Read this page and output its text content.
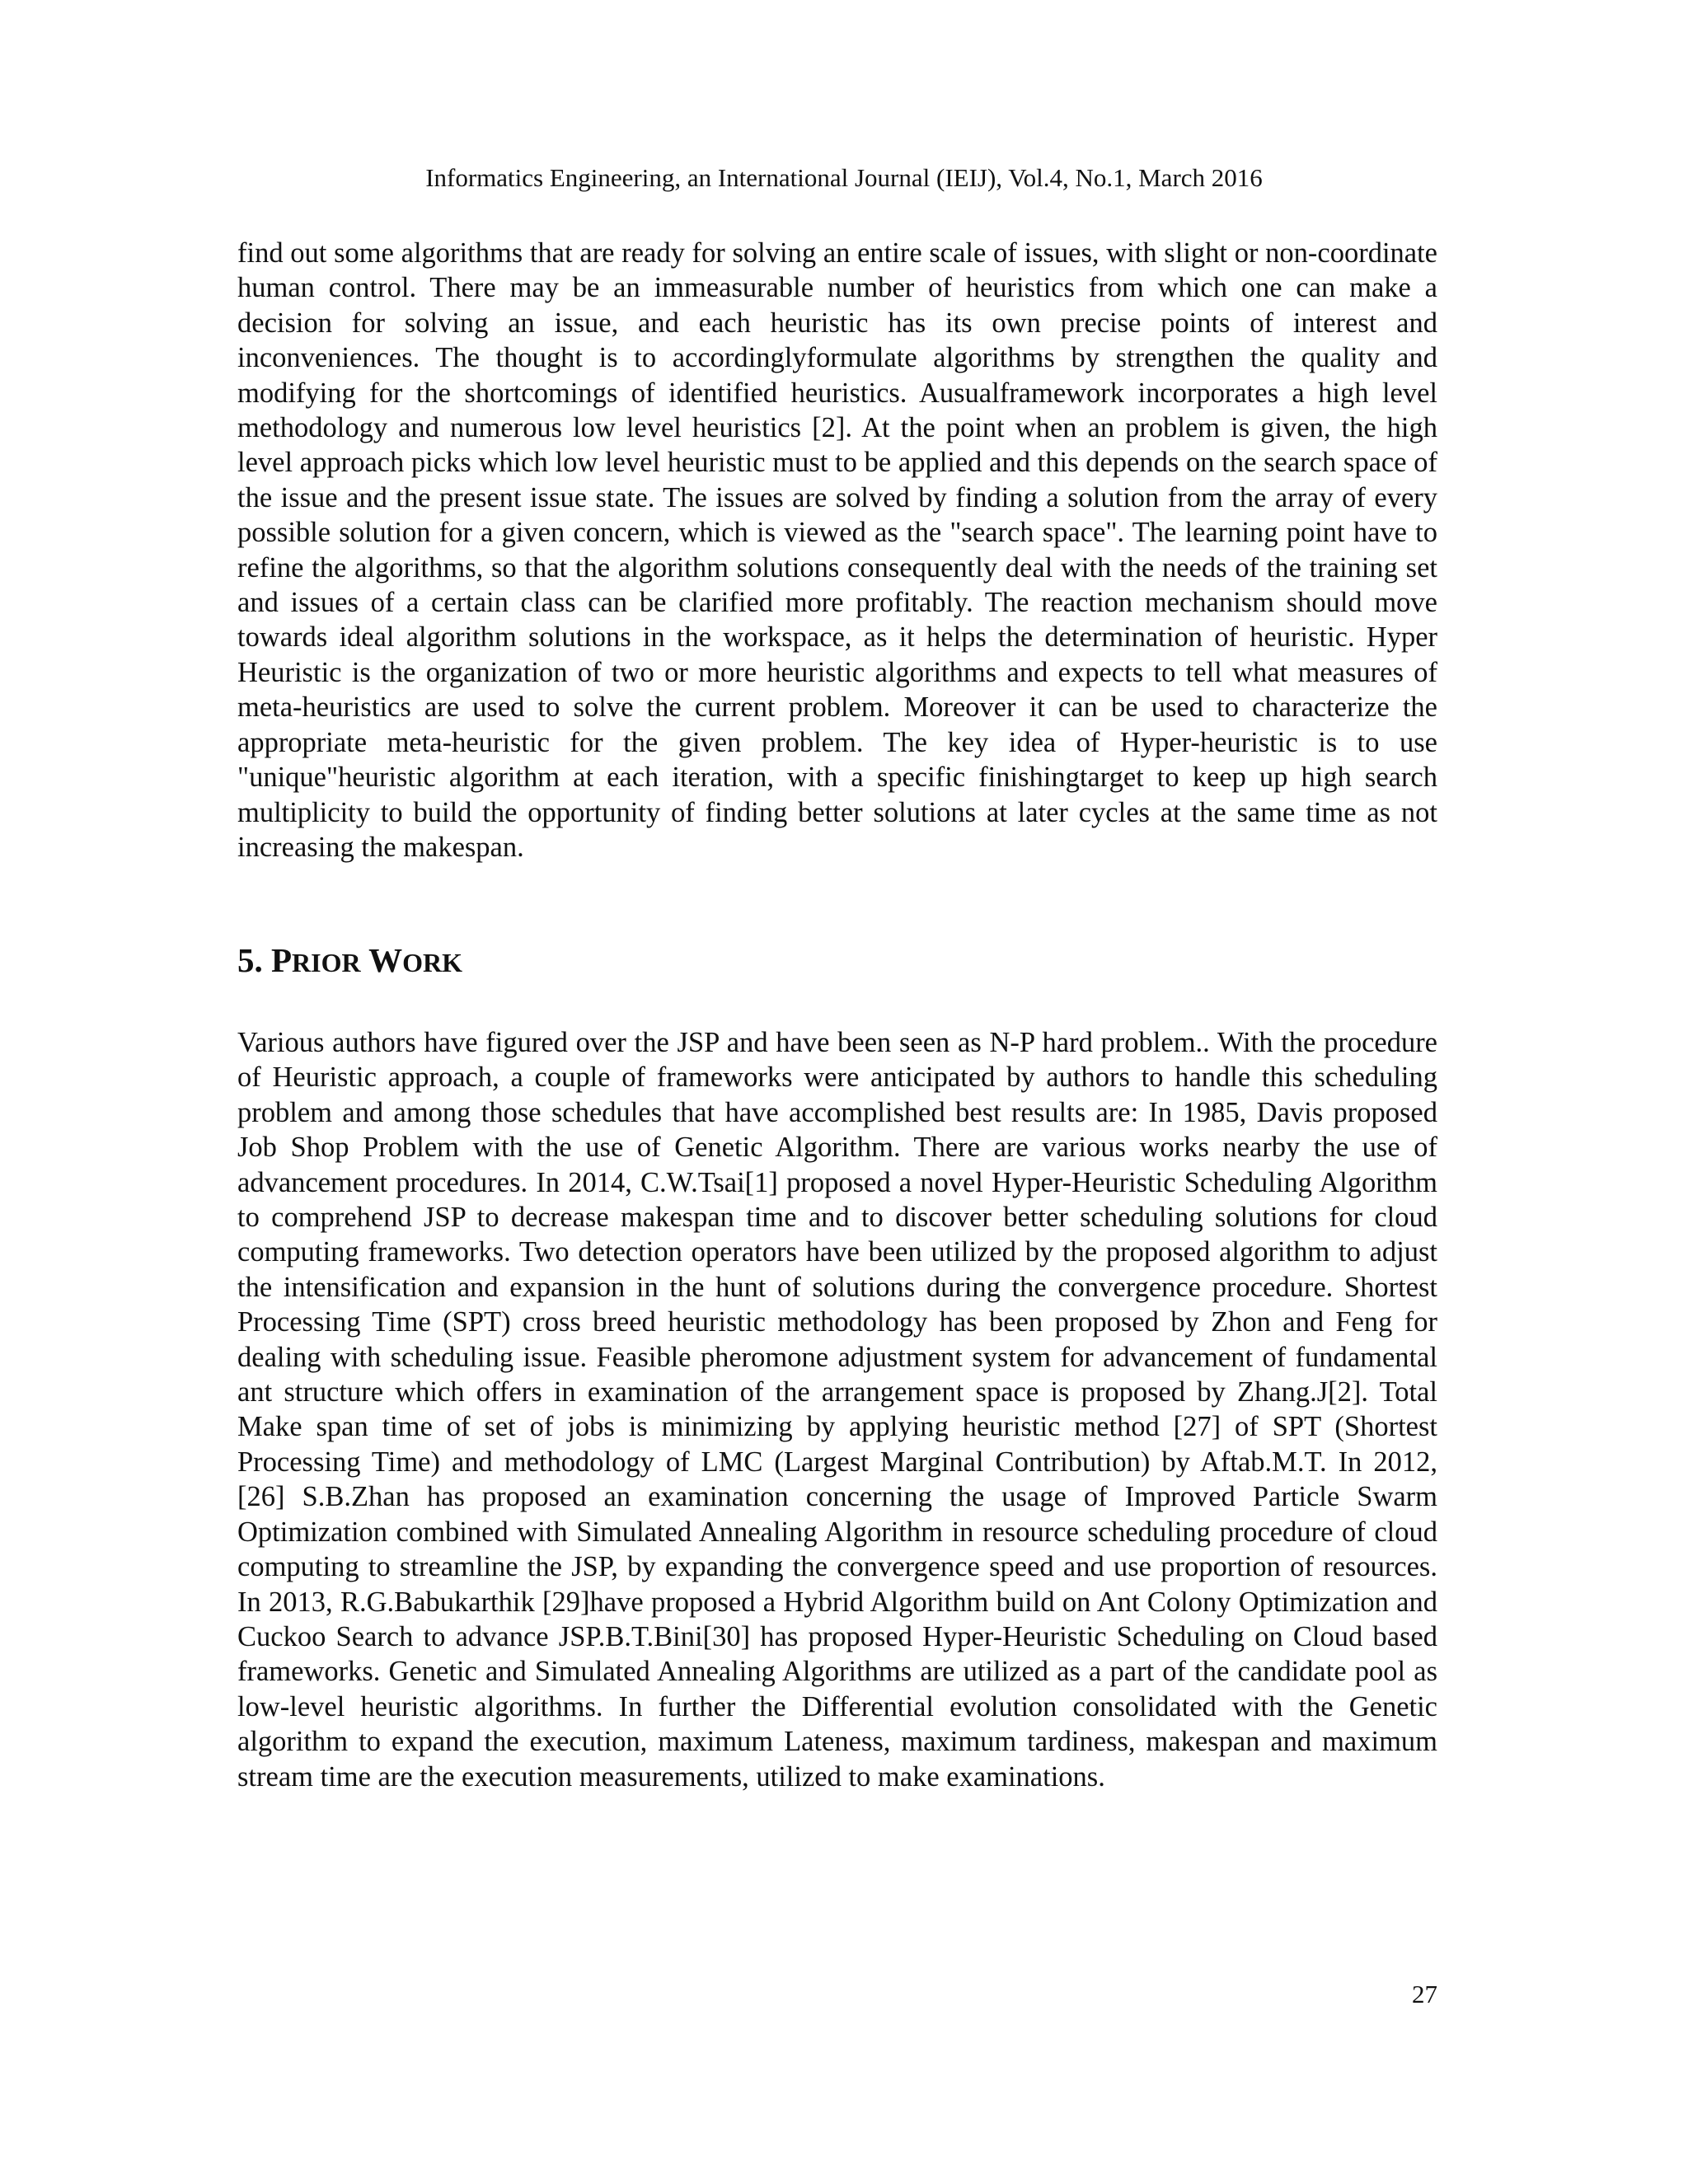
Informatics Engineering, an International Journal (IEIJ), Vol.4, No.1, March 2016

find out some algorithms that are ready for solving an entire scale of issues, with slight or non-coordinate human control. There may be an immeasurable number of heuristics from which one can make a decision for solving an issue, and each heuristic has its own precise points of interest and inconveniences. The thought is to accordinglyformulate algorithms by strengthen the quality and modifying for the shortcomings of identified heuristics. Ausualframework incorporates a high level methodology and numerous low level heuristics [2]. At the point when an problem is given, the high level approach picks which low level heuristic must to be applied and this depends on the search space of the issue and the present issue state. The issues are solved by finding a solution from the array of every possible solution for a given concern, which is viewed as the "search space". The learning point have to refine the algorithms, so that the algorithm solutions consequently deal with the needs of the training set and issues of a certain class can be clarified more profitably. The reaction mechanism should move towards ideal algorithm solutions in the workspace, as it helps the determination of heuristic. Hyper Heuristic is the organization of two or more heuristic algorithms and expects to tell what measures of meta-heuristics are used to solve the current problem. Moreover it can be used to characterize the appropriate meta-heuristic for the given problem. The key idea of Hyper-heuristic is to use "unique"heuristic algorithm at each iteration, with a specific finishingtarget to keep up high search multiplicity to build the opportunity of finding better solutions at later cycles at the same time as not increasing the makespan.

5. PRIOR WORK

Various authors have figured over the JSP and have been seen as N-P hard problem.. With the procedure of Heuristic approach, a couple of frameworks were anticipated by authors to handle this scheduling problem and among those schedules that have accomplished best results are: In 1985, Davis proposed Job Shop Problem with the use of Genetic Algorithm. There are various works nearby the use of advancement procedures. In 2014, C.W.Tsai[1] proposed a novel Hyper-Heuristic Scheduling Algorithm to comprehend JSP to decrease makespan time and to discover better scheduling solutions for cloud computing frameworks. Two detection operators have been utilized by the proposed algorithm to adjust the intensification and expansion in the hunt of solutions during the convergence procedure. Shortest Processing Time (SPT) cross breed heuristic methodology has been proposed by Zhon and Feng for dealing with scheduling issue. Feasible pheromone adjustment system for advancement of fundamental ant structure which offers in examination of the arrangement space is proposed by Zhang.J[2]. Total Make span time of set of jobs is minimizing by applying heuristic method [27] of SPT (Shortest Processing Time) and methodology of LMC (Largest Marginal Contribution) by Aftab.M.T. In 2012, [26] S.B.Zhan has proposed an examination concerning the usage of Improved Particle Swarm Optimization combined with Simulated Annealing Algorithm in resource scheduling procedure of cloud computing to streamline the JSP, by expanding the convergence speed and use proportion of resources. In 2013, R.G.Babukarthik [29]have proposed a Hybrid Algorithm build on Ant Colony Optimization and Cuckoo Search to advance JSP.B.T.Bini[30] has proposed Hyper-Heuristic Scheduling on Cloud based frameworks. Genetic and Simulated Annealing Algorithms are utilized as a part of the candidate pool as low-level heuristic algorithms. In further the Differential evolution consolidated with the Genetic algorithm to expand the execution, maximum Lateness, maximum tardiness, makespan and maximum stream time are the execution measurements, utilized to make examinations.

27
